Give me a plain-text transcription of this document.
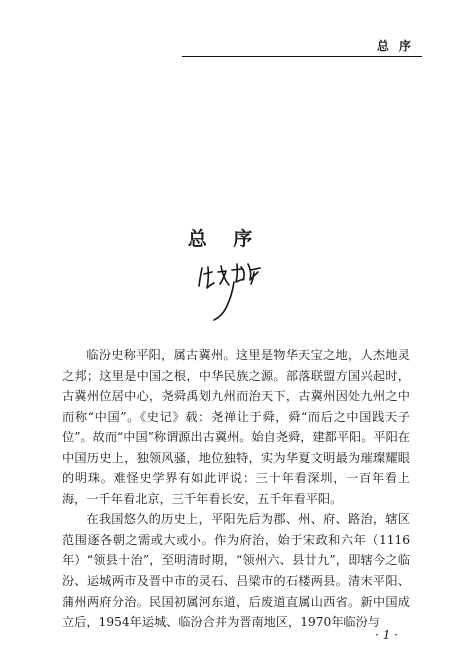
总 序
总 序

临汾史称平阳，属古冀州。这里是物华天宝之地，人杰地灵之邦；这里是中国之根，中华民族之源。部落联盟方国兴起时，古冀州位居中心，尧舜禹划九州而治天下，古冀州因处九州之中而称“中国”。《史记》载：尧禅让于舜，舜“而后之中国践天子位”。故而“中国”称谓源出古冀州。始自尧舜，建都平阳。平阳在中国历史上，独领风骚，地位独特，实为华夏文明最为璀璨耀眼的明珠。难怪史学界有如此评说：三十年看深圳，一百年看上海，一千年看北京，三千年看长安，五千年看平阳。

在我国悠久的历史上，平阳先后为郡、州、府、路治，辖区范围逐各朝之需或大或小。作为府治，始于宋政和六年（1116年）“领县十治”，至明清时期，“领州六、县廿九”，即辖今之临汾、运城两市及晋中市的灵石、吕梁市的石楼两县。清末平阳、蒲州两府分治。民国初属河东道，后废道直属山西省。新中国成立后，1954年运城、临汾合并为晋南地区，1970年临汾与

· 1 ·
